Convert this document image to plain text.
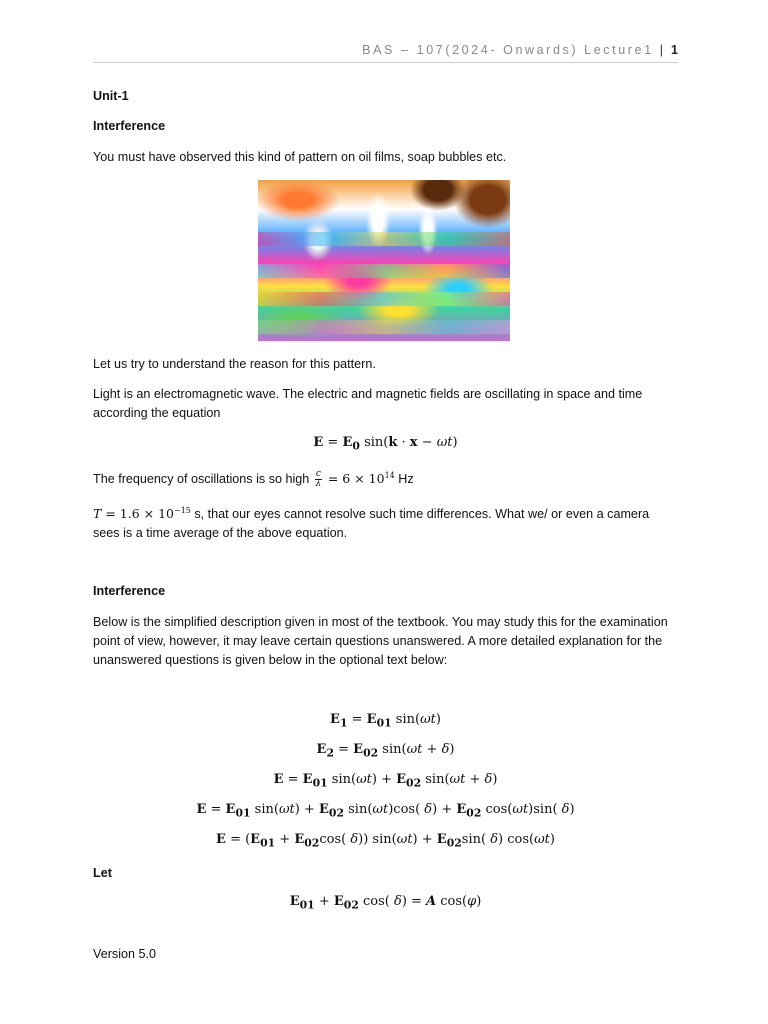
BAS – 107(2024- Onwards) Lecture1 | 1
Unit-1
Interference
You must have observed this kind of pattern on oil films, soap bubbles etc.
Let us try to understand the reason for this pattern.
Light is an electromagnetic wave. The electric and magnetic fields are oscillating in space and time according the equation
$E = E_0$ sin(k · x − ωt)
The frequency of oscillations is so high $\frac{c}{\lambda} = 6 \times 10^{14}$ Hz
$T = 1.6 \times 10^{-15}$ s, that our eyes cannot resolve such time differences. What we/ or even a camera sees is a time average of the above equation.
Interference
Below is the simplified description given in most of the textbook. You may study this for the examination point of view, however, it may leave certain questions unanswered. A more detailed explanation for the unanswered questions is given below in the optional text below:
$E_1 = E_{01}$ sin(ωt)
$E_2 = E_{02}$ sin(ωt + δ)
$E = E_{01}$ $\sin(\omega t) + E_{02}$ sin(ωt + δ)
$E = E_{01}$ $\sin(\omega t) + E_{02}$ sin(ωt)cos( $\delta) + E_{02}$ cos(ωt)sin( δ)
$E = (E_{01} + E_{02}\cos$( δ)) $\sin(\omega t) + E_{02}\sin$( δ) cos(ωt)
Let
$E_{01} + E_{02}$ cos( δ) = A cos(φ)
Version 5.0
